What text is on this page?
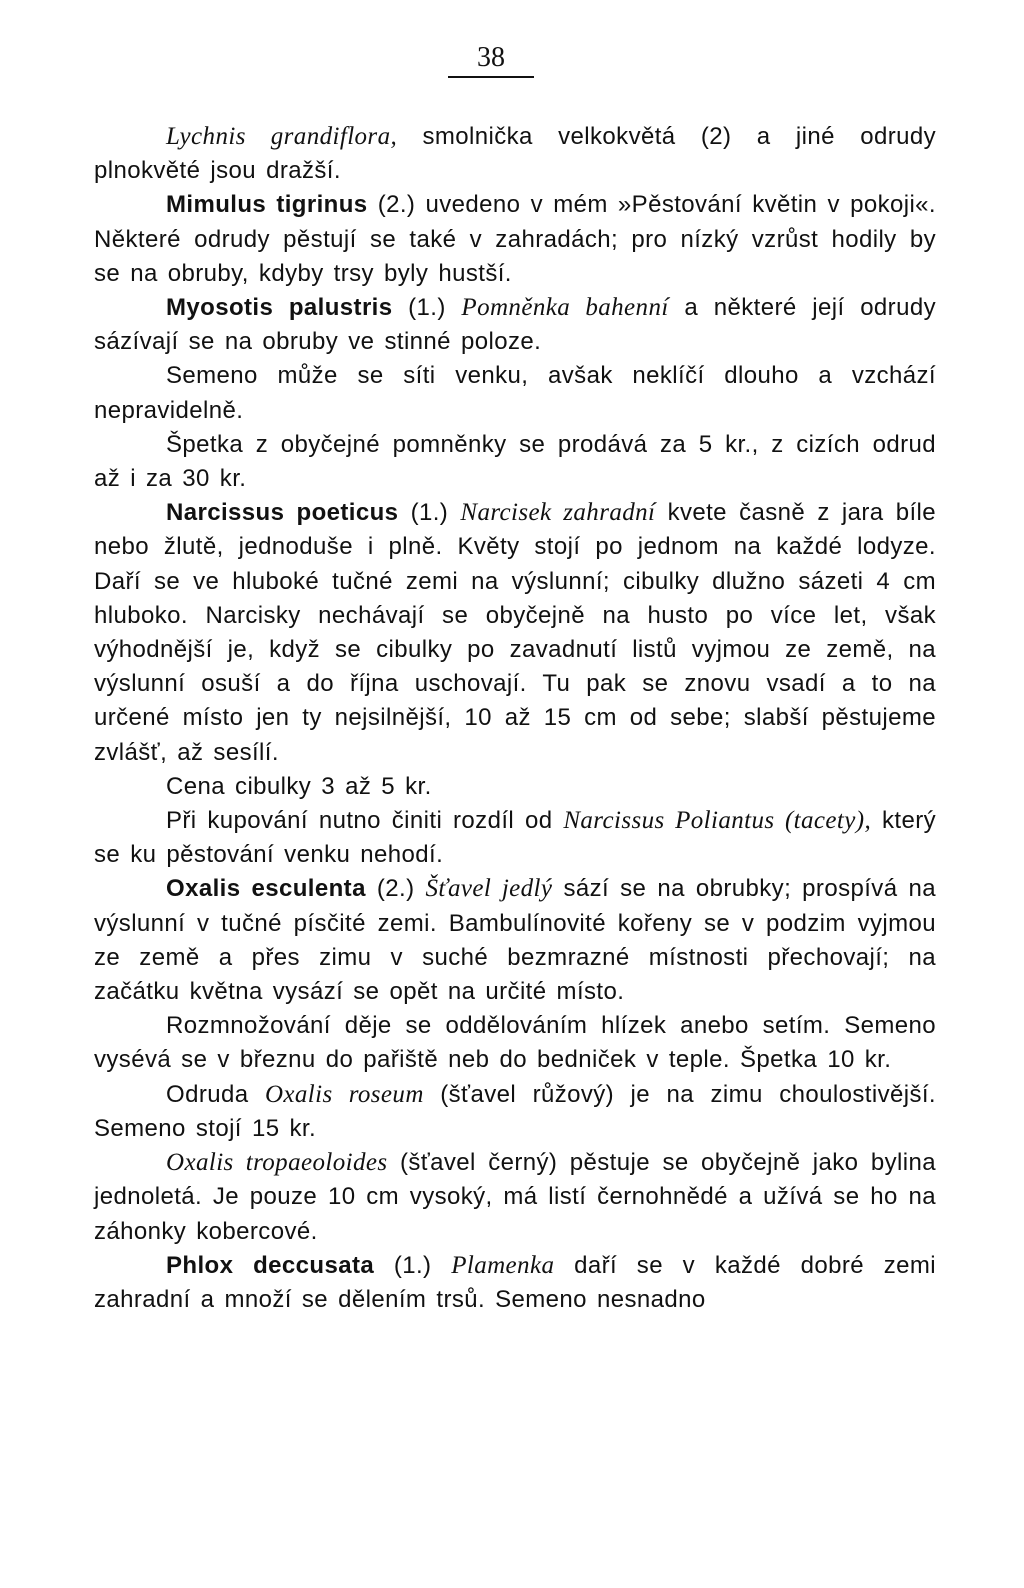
38

Lychnis grandiflora, smolnička velkokvětá (2) a jiné odrudy plnokvěté jsou dražší.

Mimulus tigrinus (2.) uvedeno v mém »Pěstování květin v pokoji«. Některé odrudy pěstují se také v zahradách; pro nízký vzrůst hodily by se na obruby, kdyby trsy byly hustší.

Myosotis palustris (1.) Pomněnka bahenní a některé její odrudy sázívají se na obruby ve stinné poloze.

Semeno může se síti venku, avšak neklíčí dlouho a vzchází nepravidelně.

Špetka z obyčejné pomněnky se prodává za 5 kr., z cizích odrud až i za 30 kr.

Narcissus poeticus (1.) Narcisek zahradní kvete časně z jara bíle nebo žlutě, jednoduše i plně. Květy stojí po jednom na každé lodyze. Daří se ve hluboké tučné zemi na výslunní; cibulky dlužno sázeti 4 cm hluboko. Narcisky nechávají se obyčejně na husto po více let, však výhodnější je, když se cibulky po zavadnutí listů vyjmou ze země, na výslunní osuší a do října uschovají. Tu pak se znovu vsadí a to na určené místo jen ty nejsilnější, 10 až 15 cm od sebe; slabší pěstujeme zvlášť, až sesílí.

Cena cibulky 3 až 5 kr.

Při kupování nutno činiti rozdíl od Narcissus Poliantus (tacety), který se ku pěstování venku nehodí.

Oxalis esculenta (2.) Šťavel jedlý sází se na obrubky; prospívá na výslunní v tučné písčité zemi. Bambulínovité kořeny se v podzim vyjmou ze země a přes zimu v suché bezmrazné místnosti přechovají; na začátku května vysází se opět na určité místo.

Rozmnožování děje se oddělováním hlízek anebo setím. Semeno vysévá se v březnu do pařiště neb do bedniček v teple. Špetka 10 kr.

Odruda Oxalis roseum (šťavel růžový) je na zimu choulostivější. Semeno stojí 15 kr.

Oxalis tropaeoloides (šťavel černý) pěstuje se obyčejně jako bylina jednoletá. Je pouze 10 cm vysoký, má listí černohnědé a užívá se ho na záhonky kobercové.

Phlox deccusata (1.) Plamenka daří se v každé dobré zemi zahradní a množí se dělením trsů. Semeno nesnadno
